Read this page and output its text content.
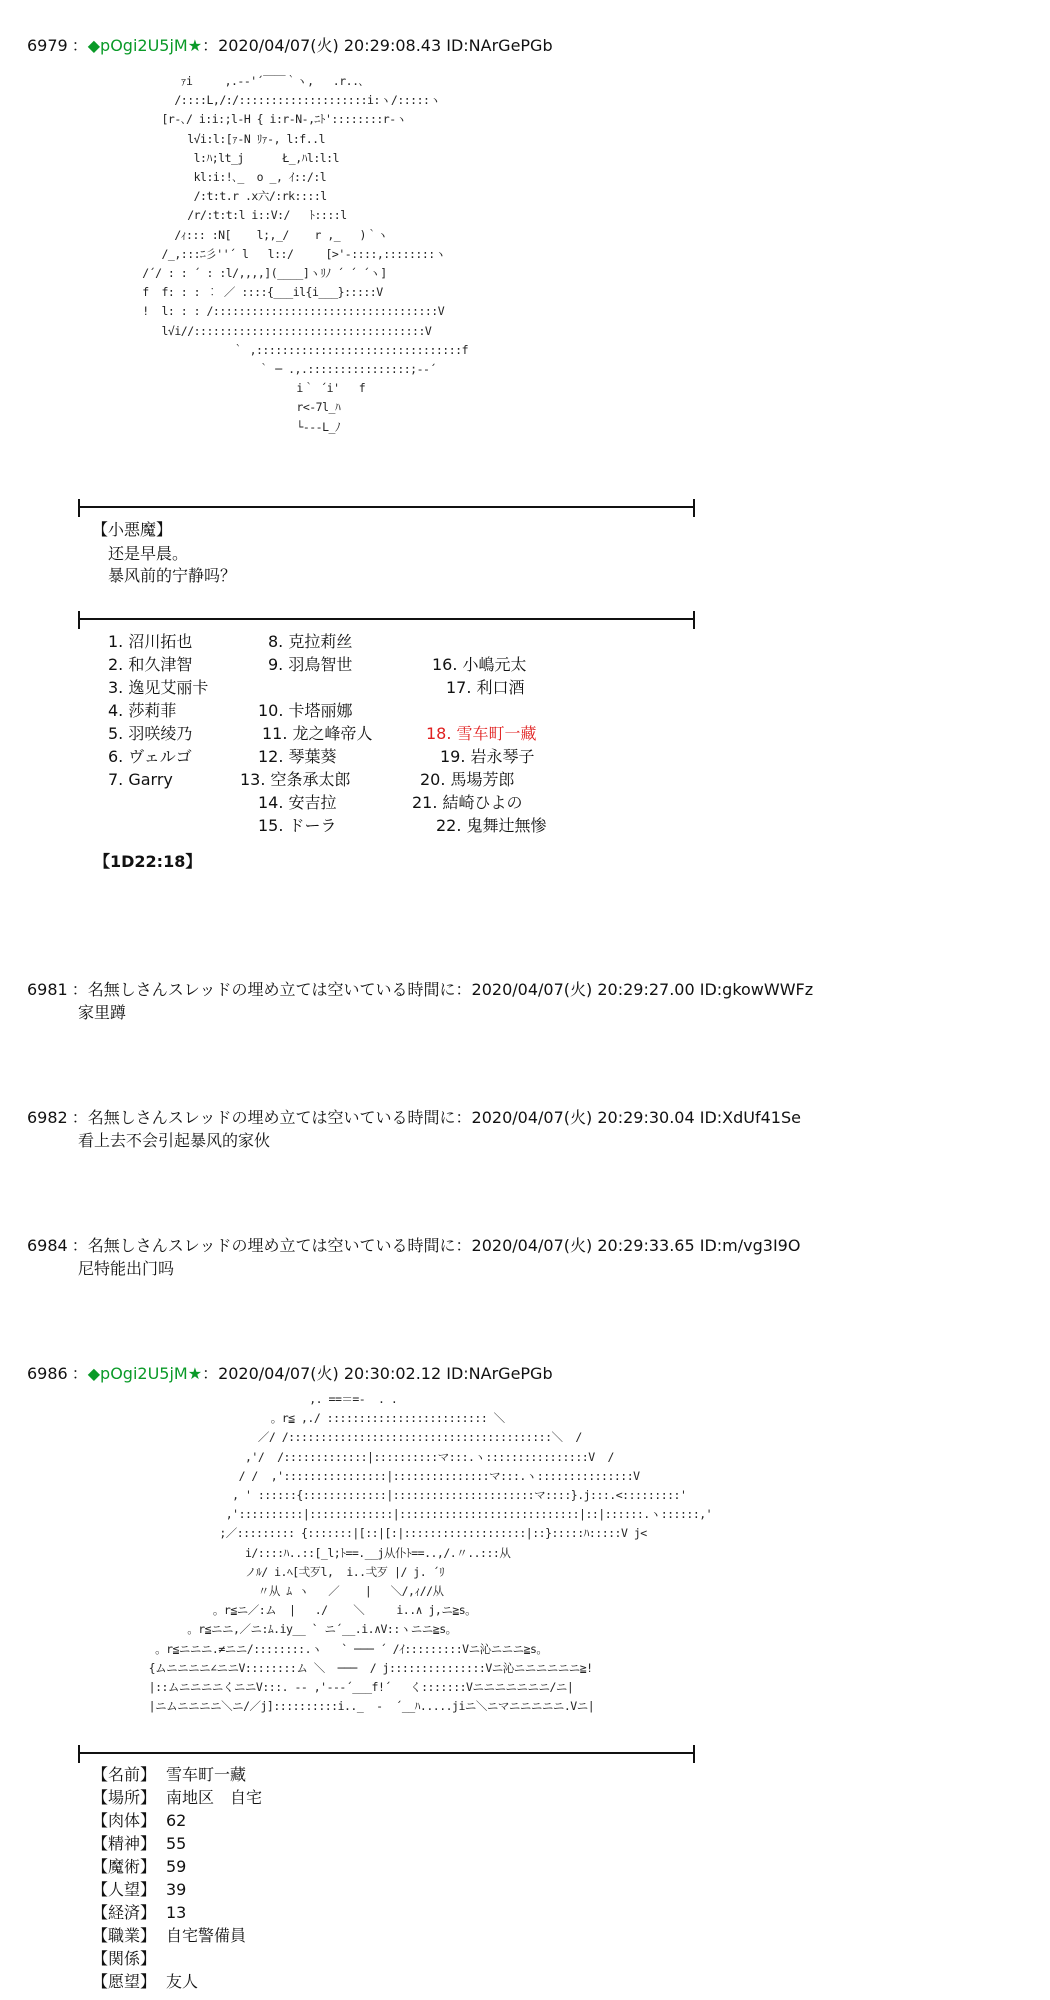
6979 ：◆pOgi2U5jM★：2020/04/07(火) 20:29:08.43 ID:NArGePGb
ｧi     ,.-‐'´￣￣｀ヽ,   .r..､
/::::L,/:/::::::::::::::::::::i:ヽ/:::::ヽ
[r-､/ i:i:;l-H { i:r-N-,ﾆﾄ'::::::::r-ヽ
l√i:l:[ｧ-N ﾘｧ-, l:f..l
l:ﾊ;lt_j      Ł_,ﾊl:l:l
kl:i:!､_  o _, ｲ::/:l
/:t:t.r .x六/:rk::::l
/r/:t:t:l i::V:/   ﾄ::::l
/ｨ::: :N[    l;,_/    r ,_   )｀ヽ
/_,:::ﾆ彡''´ l   l::/     [>'-::::,::::::::ヽ
/´/ : : ´ : :l/,,,,](____]ヽﾘﾉ ´ ´ ´ヽ]
f  f: : : ︰ ／ ::::{___il{i___}:::::V
!  l: : : /:::::::::::::::::::::::::::::::::::V
l√i//::::::::::::::::::::::::::::::::::::V
｀ ,::::::::::::::::::::::::::::::::f
｀ ─ .,.::::::::::::::::;-‐´
i｀ ´i'   f
r<-7l_ﾊ
└---L_ﾉ
【小悪魔】
还是早晨。
暴风前的宁静吗？
1. 沼川拓也
2. 和久津智
3. 逸见艾丽卡
4. 莎莉菲
5. 羽咲绫乃
6. ヴェルゴ
7. Garry
8. 克拉莉丝
9. 羽鳥智世
10. 卡塔丽娜
11. 龙之峰帝人
12. 琴葉葵
13. 空条承太郎
14. 安吉拉
15. ドーラ
16. 小嶋元太
17. 利口酒
18. 雪车町一藏
19. 岩永琴子
20. 馬場芳郎
21. 結崎ひよの
22. 鬼舞辻無惨
【1D22:18】
6981 ：名無しさんスレッドの埋め立ては空いている時間に：2020/04/07(火) 20:29:27.00 ID:gkowWWFz
家里蹲
6982 ：名無しさんスレッドの埋め立ては空いている時間に：2020/04/07(火) 20:29:30.04 ID:XdUf41Se
看上去不会引起暴风的家伙
6984 ：名無しさんスレッドの埋め立ては空いている時間に：2020/04/07(火) 20:29:33.65 ID:m/vg3I9O
尼特能出门吗
6986 ：◆pOgi2U5jM★：2020/04/07(火) 20:30:02.12 ID:NArGePGb
,. ==＝=-  . .
。r≦ ,./ ::::::::::::::::::::::::: ＼
／/ /:::::::::::::::::::::::::::::::::::::::::＼  /
,'/  /:::::::::::::|::::::::::マ:::.ヽ::::::::::::::::V  /
/ /  ,'::::::::::::::::|:::::::::::::::マ:::.ヽ:::::::::::::::V
, ' ::::::{:::::::::::::|::::::::::::::::::::::マ::::}.j:::.<:::::::::'
,'::::::::::|:::::::::::::|::::::::::::::::::::::::::::|::|::::::.ヽ::::::,'
;／::::::::: {:::::::|[::|[:|:::::::::::::::::::|::}:::::ﾊ:::::V j<
i/::::ﾊ..::[_l;ﾄ==.__j从仆ﾄ==..,/.〃..:::从
ノﾙ/ i.ﾍ[弌歹l,  i..弌歹 |/ j. ´ﾘ
〃从 ﾑ ヽ   ／    |   ＼/,ｨ//从
。r≦ニ／:ム  |   ./    ＼     i..∧ j,ニ≧s。
。r≦ニニ,／ニ:ﾑ.iy__ ` ニ´__.i.∧V::ヽニニ≧s。
。r≦ニニニ.≠ニニ/::::::::.ヽ   ` ─── ´ /ｲ:::::::::Vニ沁ニニニ≧s。
{ムニニニニ∠ニニV::::::::ム ＼  ───  / j:::::::::::::::Vニ沁ニニニニニニ≧!
|::ムニニニニくニニV:::. -- ,'---´___f!´   く:::::::Vニニニニニニニ/ニ|
|ニムニニニニ＼ニ/／j]::::::::::i.._  -  ´__ﾊ.....jiニ＼ニマニニニニニ.Vニ|
【名前】 雪车町一藏
【場所】 南地区　自宅
【肉体】 62
【精神】 55
【魔術】 59
【人望】 39
【経済】 13
【職業】 自宅警備員
【関係】
【愿望】 友人
